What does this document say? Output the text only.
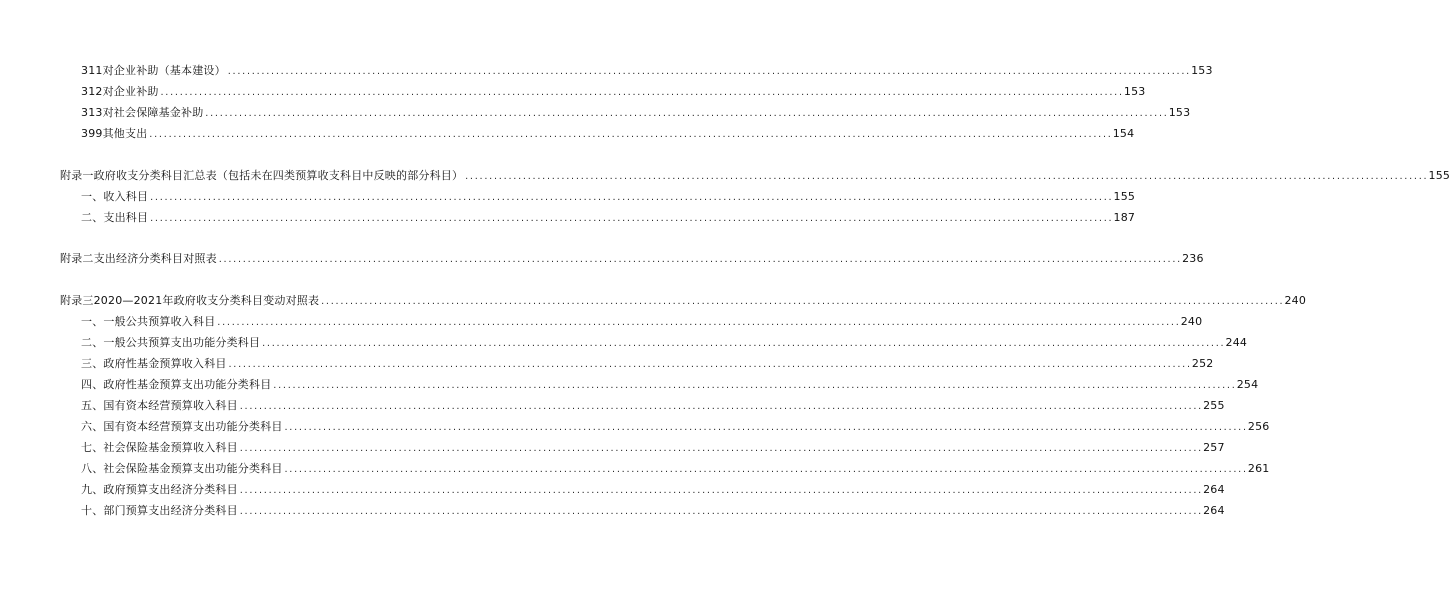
311 对企业补助（基本建设） ........................................................................................................................................................................................................ 153
312 对企业补助 ........................................................................................................................................................................................................ 153
313 对社会保障基金补助 ........................................................................................................................................................................................................ 153
399 其他支出 ........................................................................................................................................................................................................ 154
附录一 政府收支分类科目汇总表（包括未在四类预算收支科目中反映的部分科目） ........................................................................................................................................................................................................ 155
一、 收入科目 ........................................................................................................................................................................................................ 155
二、 支出科目 ........................................................................................................................................................................................................ 187
附录二 支出经济分类科目对照表 ........................................................................................................................................................................................................ 236
附录三 2020—2021年政府收支分类科目变动对照表 ........................................................................................................................................................................................................ 240
一、 一般公共预算收入科目 ........................................................................................................................................................................................................ 240
二、 一般公共预算支出功能分类科目 ........................................................................................................................................................................................................ 244
三、 政府性基金预算收入科目 ........................................................................................................................................................................................................ 252
四、 政府性基金预算支出功能分类科目 ........................................................................................................................................................................................................ 254
五、 国有资本经营预算收入科目 ........................................................................................................................................................................................................ 255
六、 国有资本经营预算支出功能分类科目 ........................................................................................................................................................................................................ 256
七、 社会保险基金预算收入科目 ........................................................................................................................................................................................................ 257
八、 社会保险基金预算支出功能分类科目 ........................................................................................................................................................................................................ 261
九、 政府预算支出经济分类科目 ........................................................................................................................................................................................................ 264
十、 部门预算支出经济分类科目 ........................................................................................................................................................................................................ 264
